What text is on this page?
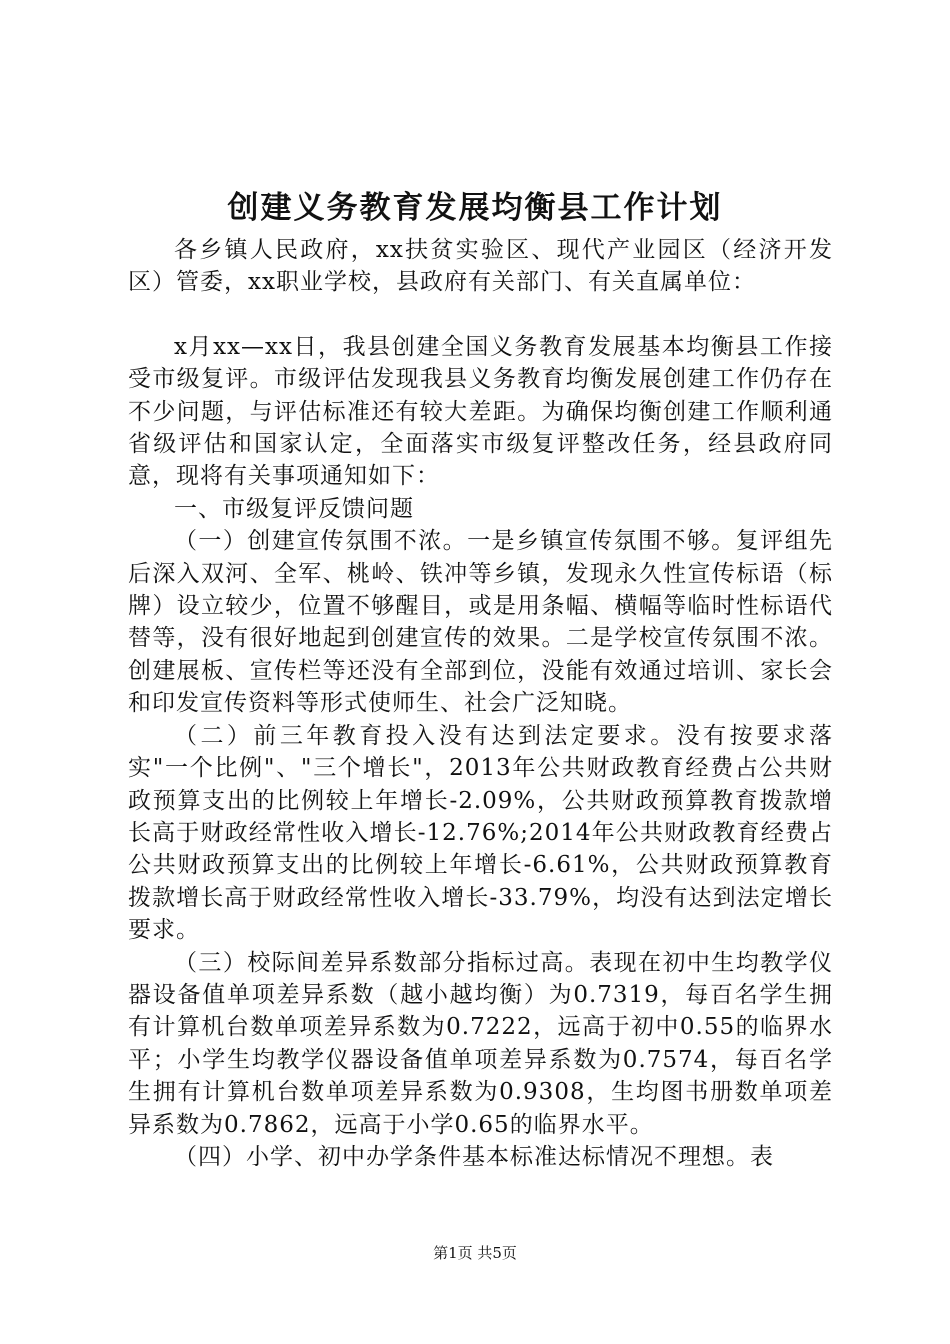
创建义务教育发展均衡县工作计划

各乡镇人民政府，xx扶贫实验区、现代产业园区（经济开发区）管委，xx职业学校，县政府有关部门、有关直属单位：

x月xx—xx日，我县创建全国义务教育发展基本均衡县工作接受市级复评。市级评估发现我县义务教育均衡发展创建工作仍存在不少问题，与评估标准还有较大差距。为确保均衡创建工作顺利通省级评估和国家认定，全面落实市级复评整改任务，经县政府同意，现将有关事项通知如下：

一、市级复评反馈问题

（一）创建宣传氛围不浓。一是乡镇宣传氛围不够。复评组先后深入双河、全军、桃岭、铁冲等乡镇，发现永久性宣传标语（标牌）设立较少，位置不够醒目，或是用条幅、横幅等临时性标语代替等，没有很好地起到创建宣传的效果。二是学校宣传氛围不浓。创建展板、宣传栏等还没有全部到位，没能有效通过培训、家长会和印发宣传资料等形式使师生、社会广泛知晓。

（二）前三年教育投入没有达到法定要求。没有按要求落实"一个比例"、"三个增长"，2013年公共财政教育经费占公共财政预算支出的比例较上年增长-2.09%，公共财政预算教育拨款增长高于财政经常性收入增长-12.76%;2014年公共财政教育经费占公共财政预算支出的比例较上年增长-6.61%，公共财政预算教育拨款增长高于财政经常性收入增长-33.79%，均没有达到法定增长要求。

（三）校际间差异系数部分指标过高。表现在初中生均教学仪器设备值单项差异系数（越小越均衡）为0.7319，每百名学生拥有计算机台数单项差异系数为0.7222，远高于初中0.55的临界水平；小学生均教学仪器设备值单项差异系数为0.7574，每百名学生拥有计算机台数单项差异系数为0.9308，生均图书册数单项差异系数为0.7862，远高于小学0.65的临界水平。

（四）小学、初中办学条件基本标准达标情况不理想。表

第1页 共5页
